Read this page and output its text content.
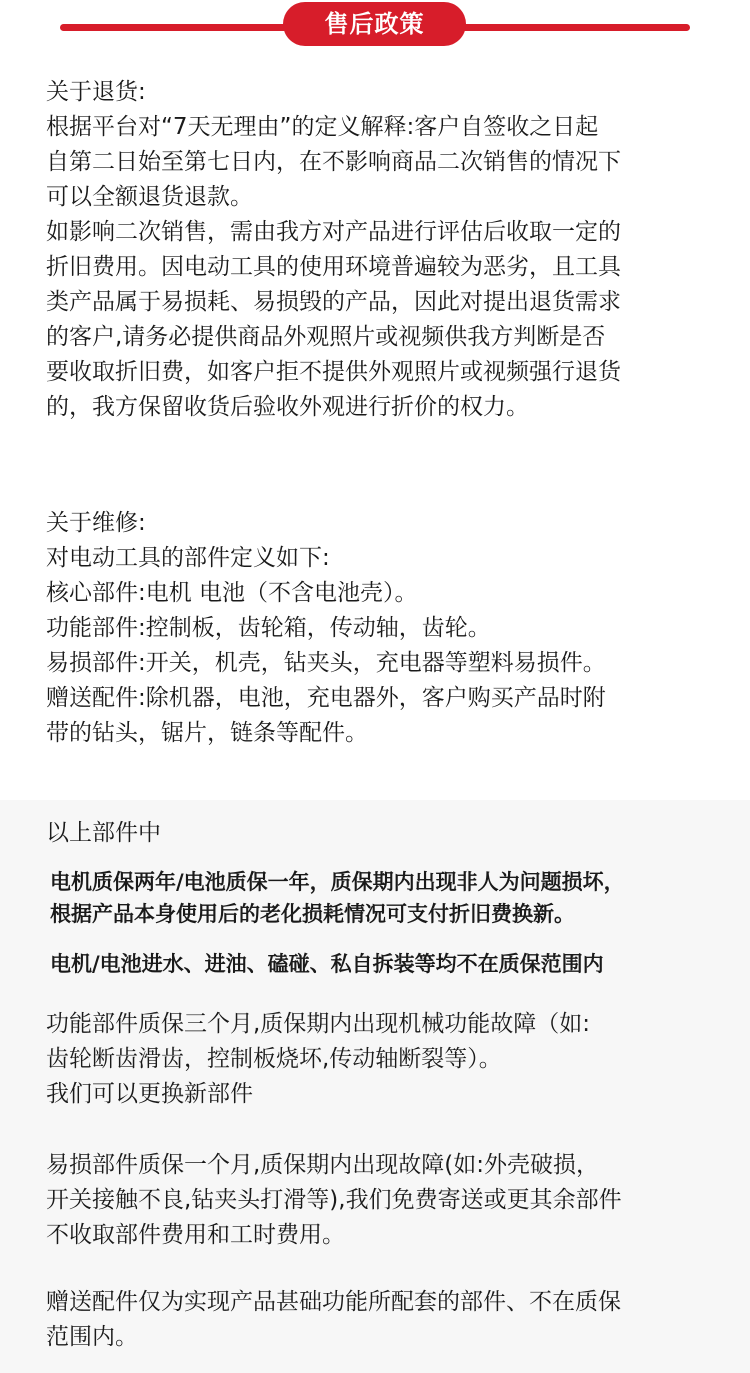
售后政策

关于退货:

根据平台对“7天无理由”的定义解释:客户自签收之日起

自第二日始至第七日内，在不影响商品二次销售的情况下

可以全额退货退款。

如影响二次销售，需由我方对产品进行评估后收取一定的

折旧费用。因电动工具的使用环境普遍较为恶劣，且工具

类产品属于易损耗、易损毁的产品，因此对提出退货需求

的客户,请务必提供商品外观照片或视频供我方判断是否

要收取折旧费，如客户拒不提供外观照片或视频强行退货

的，我方保留收货后验收外观进行折价的权力。

关于维修:

对电动工具的部件定义如下:

核心部件:电机 电池（不含电池壳）。

功能部件:控制板，齿轮箱，传动轴，齿轮。

易损部件:开关，机壳，钻夹头，充电器等塑料易损件。

赠送配件:除机器，电池，充电器外，客户购买产品时附

带的钻头，锯片，链条等配件。

以上部件中

电机质保两年/电池质保一年，质保期内出现非人为问题损坏，

根据产品本身使用后的老化损耗情况可支付折旧费换新。

电机/电池进水、进油、磕碰、私自拆装等均不在质保范围内

功能部件质保三个月,质保期内出现机械功能故障（如:

齿轮断齿滑齿，控制板烧坏,传动轴断裂等）。

我们可以更换新部件

易损部件质保一个月,质保期内出现故障(如:外壳破损，

开关接触不良,钻夹头打滑等),我们免费寄送或更其余部件

不收取部件费用和工时费用。

赠送配件仅为实现产品甚础功能所配套的部件、不在质保

范围内。
